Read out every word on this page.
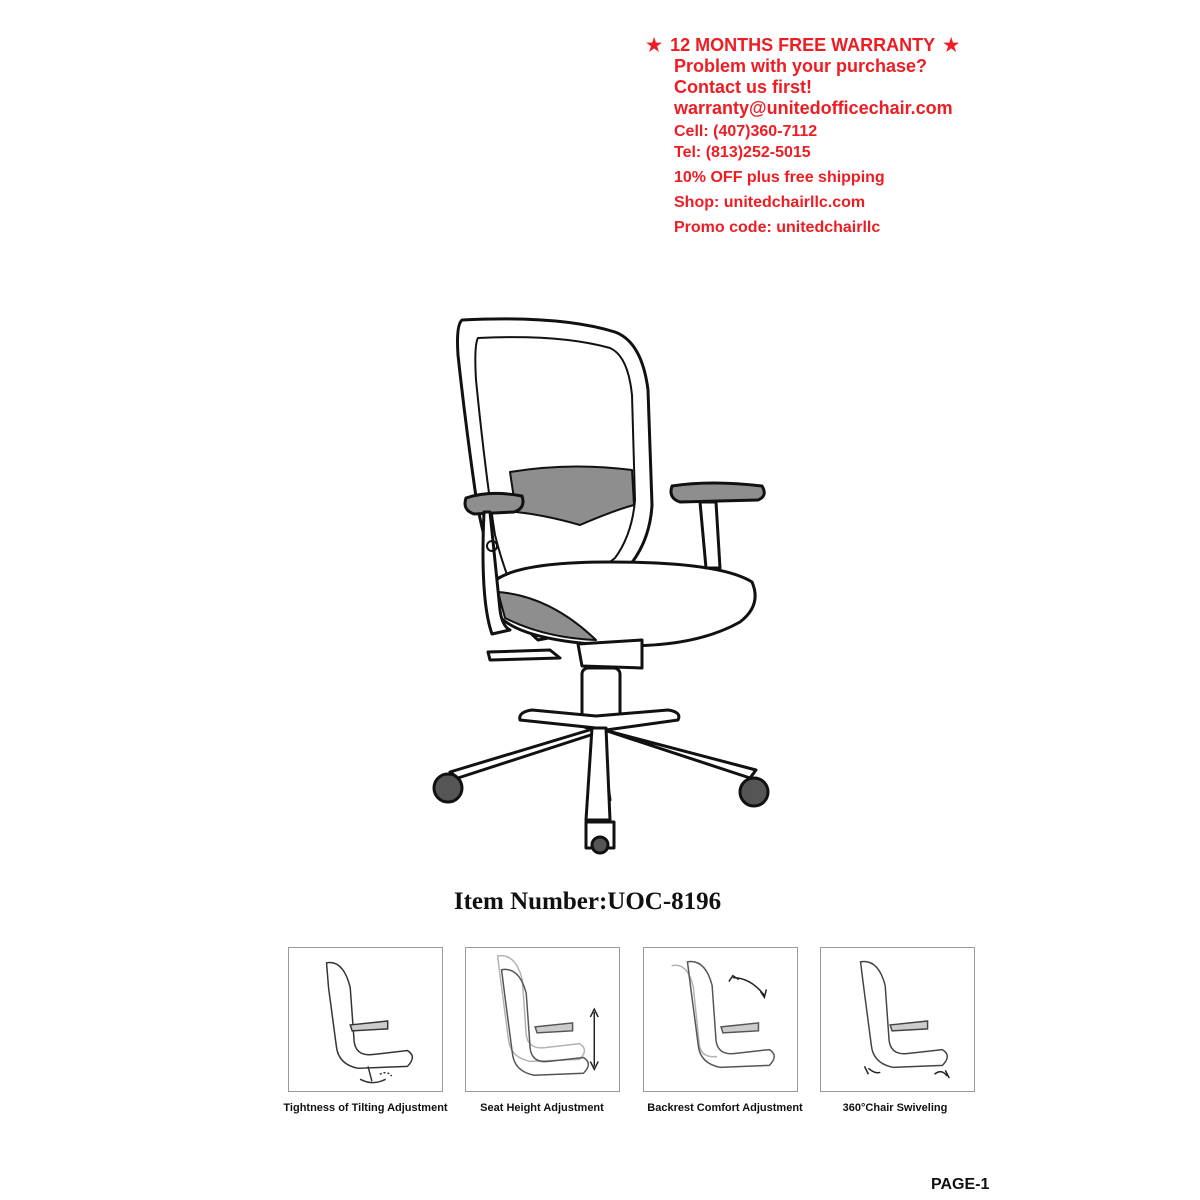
★ 12 MONTHS FREE WARRANTY ★
Problem with your purchase?
Contact us first!
warranty@unitedofficechair.com
Cell: (407)360-7112
Tel: (813)252-5015
10% OFF plus free shipping
Shop: unitedchairllc.com
Promo code: unitedchairllc
Item Number:UOC-8196
Tightness of Tilting Adjustment	Seat Height Adjustment	Backrest Comfort Adjustment	360°Chair Swiveling
PAGE-1
